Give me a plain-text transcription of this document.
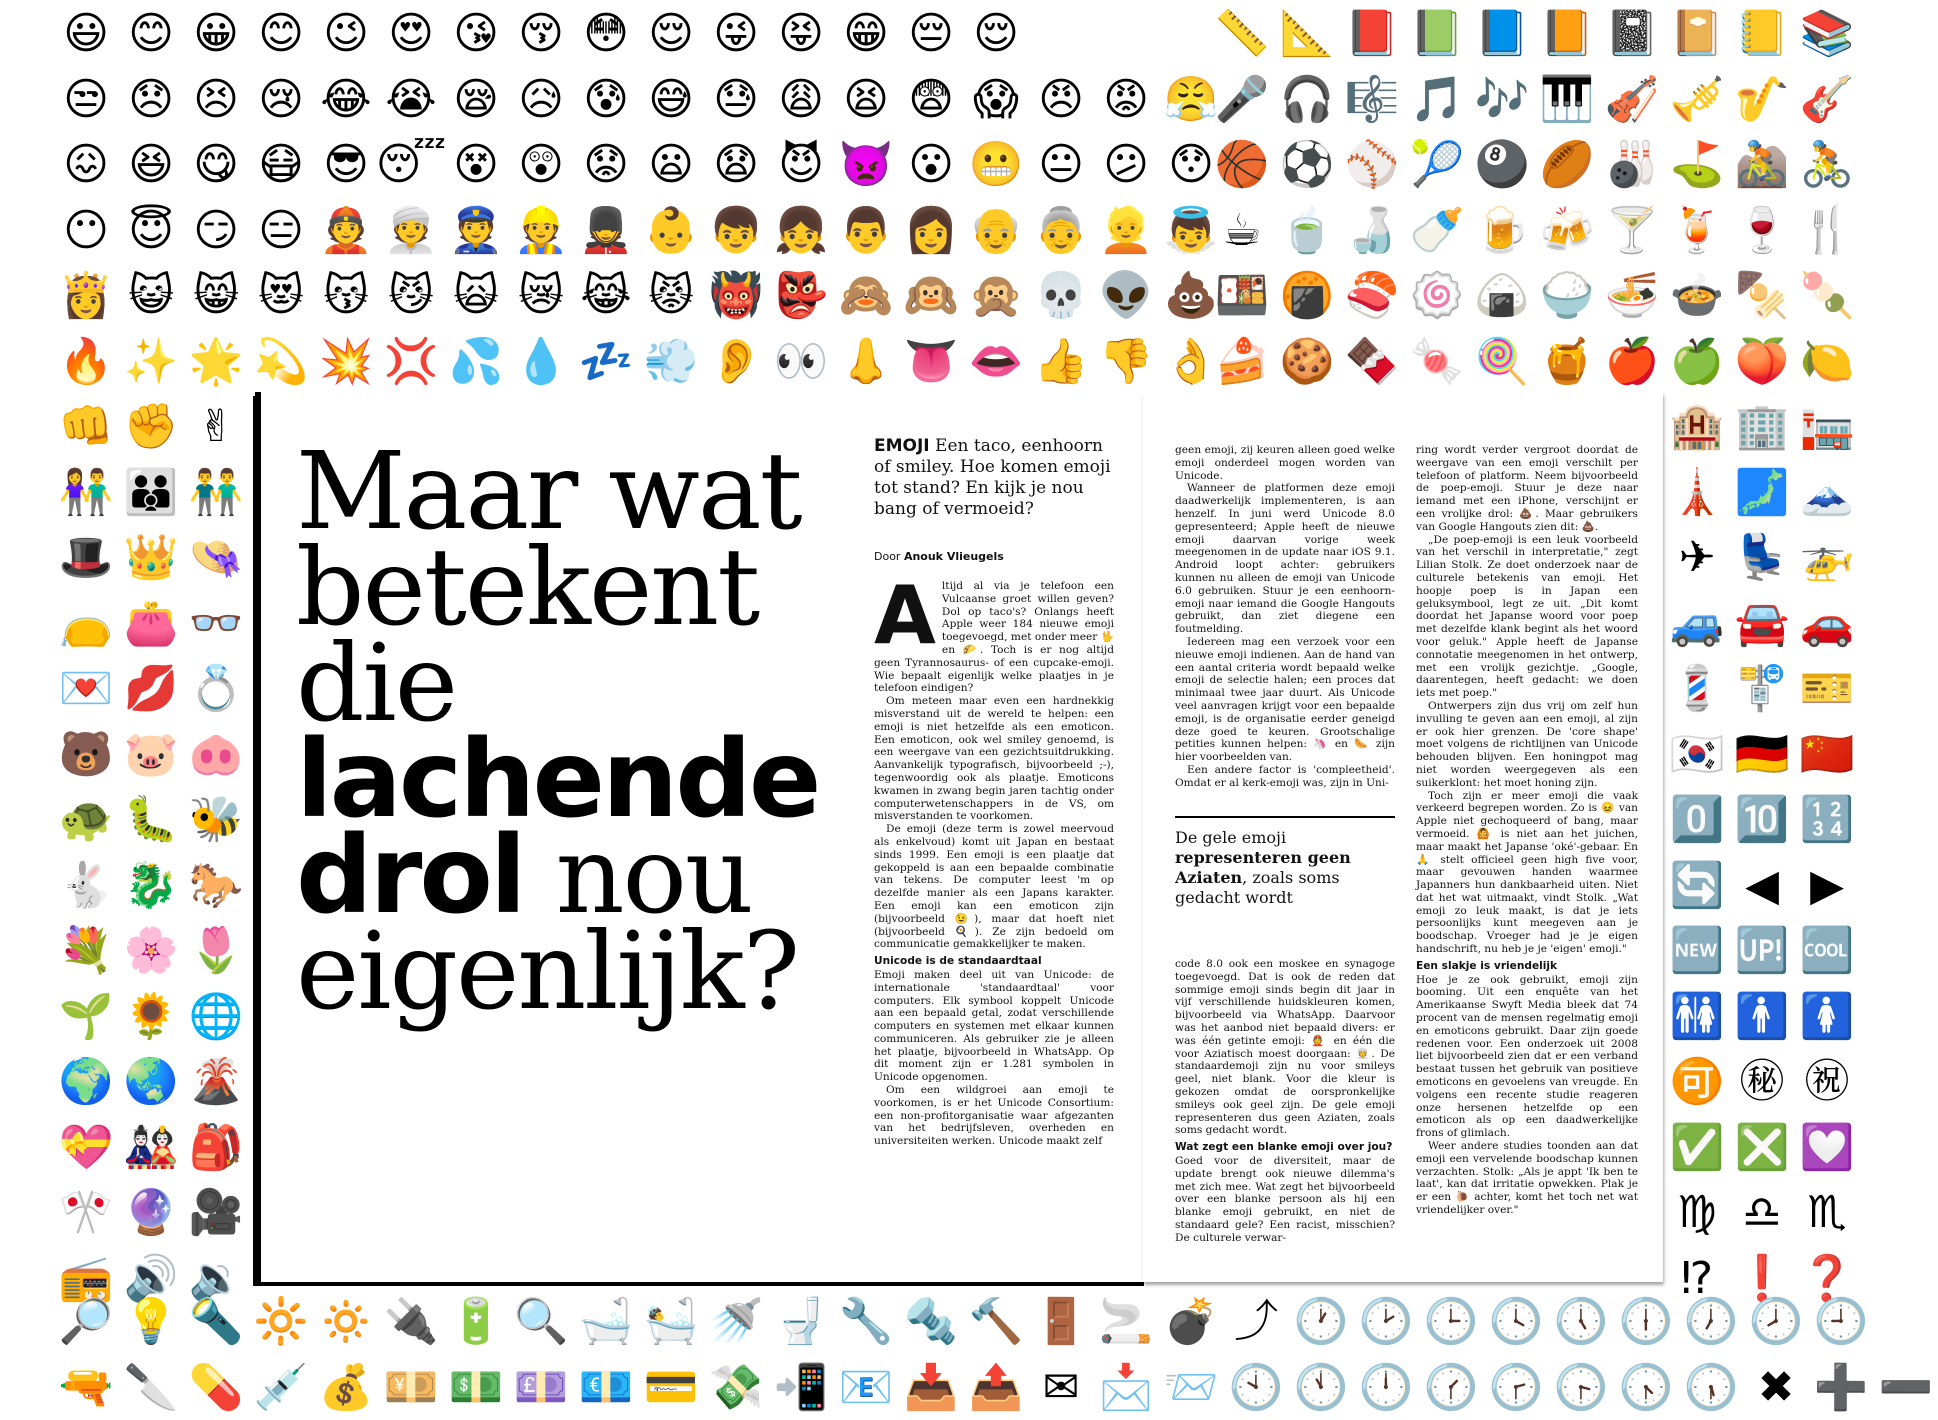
😃 😊 😀 😊 😉 😍 😘 😚 😳 😌 😜 😝 😁 😔 😌
😒 😞 😣 😢 😂 😭 😪 😥 😰 😅 😓 😩 😫 😨 😱 😠 😡 😤
😖 😆 😋 😷 😎 😴 😵 😲 😟 😦 😧 😈 👿 😮 😬 😐 😕 😯
😶 😇 😏 😑 👲 👳 👮 👷 💂 👶 👦 👧 👨 👩 👴 👵 👱 👼
👸 😺 😸 😻 😽 😼 🙀 😿 😹 😾 👹 👺 🙈 🙉 🙊 💀 👽 💩
🔥 ✨ 🌟 💫 💥 💢 💦 💧 💤 💨 👂 👀 👃 👅 👄 👍 👎 👌
📏 📐 📕 📗 📘 📙 📓 📔 📒 📚
🎤 🎧 🎼 🎵 🎶 🎹 🎻 🎺 🎷 🎸
🏀 ⚽ ⚾ 🎾 🎱 🏉 🎳 ⛳ 🚵 🚴
☕ 🍵 🍶 🍼 🍺 🍻 🍸 🍹 🍷 🍴
🍱 🍘 🍣 🍥 🍙 🍚 🍜 🍲 🍢 🍡
🍰 🍪 🍫 🍬 🍭 🍯 🍎 🍏 🍑 🍋
👊 ✊ ✌
👫 👪 👬
🎩 👑 👒
👝 👛 👓
💌 💋 💍
🐻 🐷 🐽
🐢 🐛 🐝
🐇 🐉 🐎
💐 🌸 🌷
🌱 🌻 🌐
🌍 🌏 🌋
💝 🎎 🎒
🎌 🔮 🎥
📻 🔊 🔉
🏨 🏢 🏣
🗼 🗾 🗻
✈ 💺 🚁
🚙 🚘 🚗
💈 🚏 🎫
🇰🇷 🇩🇪 🇨🇳
0️⃣ 🔟 🔢
🔄 ◀ ▶
🆕 🆙 🆒
🚻 🚹 🚺
🉑 ㊙ ㊗
✅ ❎ 💟
♍ ♎ ♏
⁉ ❗ ❓
🔎 💡 🔦 🔆 🔅 🔌 🔋 🔍 🛁 🛀 🚿 🚽 🔧 🔩 🔨 🚪 🚬 💣 ⤴ 🕐 🕑 🕒 🕓 🕔 🕕 🕖 🕗 🕘
🔫 🔪 💊 💉 💰 💴 💵 💷 💶 💳 💸 📲 📧 📥 📤 ✉ 📩 📨 🕙 🕚 🕛 🕜 🕝 🕞 🕟 🕠 ✖ ➕ ➖
Maar wat
betekent
die
lachende
drol nou
eigenlijk?
EMOJI Een taco, eenhoorn of smiley. Hoe komen emoji tot stand? En kijk je nou bang of vermoeid?
Door Anouk Vlieugels
A ltijd al via je telefoon een Vulcaanse groet willen geven? Dol op taco's? Onlangs heeft Apple weer 184 nieuwe emoji toegevoegd, met onder meer 🖖 en 🌮. Toch is er nog altijd geen Tyrannosaurus- of een cupcake-emoji. Wie bepaalt eigenlijk welke plaatjes in je telefoon eindigen?

Om meteen maar even een hardnekkig misverstand uit de wereld te helpen: een emoji is niet hetzelfde als een emoticon. Een emoticon, ook wel smiley genoemd, is een weergave van een gezichtsuitdrukking. Aanvankelijk typografisch, bijvoorbeeld ;-), tegenwoordig ook als plaatje. Emoticons kwamen in zwang begin jaren tachtig onder computerwetenschappers in de VS, om misverstanden te voorkomen.

De emoji (deze term is zowel meervoud als enkelvoud) komt uit Japan en bestaat sinds 1999. Een emoji is een plaatje dat gekoppeld is aan een bepaalde combinatie van tekens. De computer leest 'm op dezelfde manier als een Japans karakter. Een emoji kan een emoticon zijn (bijvoorbeeld 😉), maar dat hoeft niet (bijvoorbeeld 🍳). Ze zijn bedoeld om communicatie gemakkelijker te maken.

Unicode is de standaardtaal

Emoji maken deel uit van Unicode: de internationale 'standaardtaal' voor computers. Elk symbool koppelt Unicode aan een bepaald getal, zodat verschillende computers en systemen met elkaar kunnen communiceren. Als gebruiker zie je alleen het plaatje, bijvoorbeeld in WhatsApp. Op dit moment zijn er 1.281 symbolen in Unicode opgenomen.

Om een wildgroei aan emoji te voorkomen, is er het Unicode Consortium: een non-profitorganisatie waar afgezanten van het bedrijfsleven, overheden en universiteiten werken. Unicode maakt zelf

geen emoji, zij keuren alleen goed welke emoji onderdeel mogen worden van Unicode.

Wanneer de platformen deze emoji daadwerkelijk implementeren, is aan henzelf. In juni werd Unicode 8.0 gepresenteerd; Apple heeft de nieuwe emoji daarvan vorige week meegenomen in de update naar iOS 9.1. Android loopt achter: gebruikers kunnen nu alleen de emoji van Unicode 6.0 gebruiken. Stuur je een eenhoorn-emoji naar iemand die Google Hangouts gebruikt, dan ziet diegene een foutmelding.

Iedereen mag een verzoek voor een nieuwe emoji indienen. Aan de hand van een aantal criteria wordt bepaald welke emoji de selectie halen; een proces dat minimaal twee jaar duurt. Als Unicode veel aanvragen krijgt voor een bepaalde emoji, is de organisatie eerder geneigd deze goed te keuren. Grootschalige petities kunnen helpen: 🦄 en 🌭 zijn hier voorbeelden van.

Een andere factor is 'compleetheid'. Omdat er al kerk-emoji was, zijn in Uni-

De gele emoji representeren geen Aziaten, zoals soms gedacht wordt

code 8.0 ook een moskee en synagoge toegevoegd. Dat is ook de reden dat sommige emoji sinds begin dit jaar in vijf verschillende huidskleuren komen, bijvoorbeeld via WhatsApp. Daarvoor was het aanbod niet bepaald divers: er was één getinte emoji: 👲 en één die voor Aziatisch moest doorgaan: 👳. De standaardemoji zijn nu voor smileys geel, niet blank. Voor die kleur is gekozen omdat de oorspronkelijke smileys ook geel zijn. De gele emoji representeren dus geen Aziaten, zoals soms gedacht wordt.

Wat zegt een blanke emoji over jou?

Goed voor de diversiteit, maar de update brengt ook nieuwe dilemma's met zich mee. Wat zegt het bijvoorbeeld over een blanke persoon als hij een blanke emoji gebruikt, en niet de standaard gele? Een racist, misschien? De culturele verwar-

ring wordt verder vergroot doordat de weergave van een emoji verschilt per telefoon of platform. Neem bijvoorbeeld de poep-emoji. Stuur je deze naar iemand met een iPhone, verschijnt er een vrolijke drol: 💩. Maar gebruikers van Google Hangouts zien dit: 💩.

„De poep-emoji is een leuk voorbeeld van het verschil in interpretatie," zegt Lilian Stolk. Ze doet onderzoek naar de culturele betekenis van emoji. Het hoopje poep is in Japan een geluksymbool, legt ze uit. „Dit komt doordat het Japanse woord voor poep met dezelfde klank begint als het woord voor geluk." Apple heeft de Japanse connotatie meegenomen in het ontwerp, met een vrolijk gezichtje. „Google, daarentegen, heeft gedacht: we doen iets met poep."

Ontwerpers zijn dus vrij om zelf hun invulling te geven aan een emoji, al zijn er ook hier grenzen. De 'core shape' moet volgens de richtlijnen van Unicode behouden blijven. Een honingpot mag niet worden weergegeven als een suikerklont: het moet honing zijn.

Toch zijn er meer emoji die vaak verkeerd begrepen worden. Zo is 😖 van Apple niet gechoqueerd of bang, maar vermoeid. 🙆 is niet aan het juichen, maar maakt het Japanse 'oké'-gebaar. En 🙏 stelt officieel geen high five voor, maar gevouwen handen waarmee Japanners hun dankbaarheid uiten. Niet dat het wat uitmaakt, vindt Stolk. „Wat emoji zo leuk maakt, is dat je iets persoonlijks kunt meegeven aan je boodschap. Vroeger had je je eigen handschrift, nu heb je je 'eigen' emoji."

Een slakje is vriendelijk

Hoe je ze ook gebruikt, emoji zijn booming. Uit een enquête van het Amerikaanse Swyft Media bleek dat 74 procent van de mensen regelmatig emoji en emoticons gebruikt. Daar zijn goede redenen voor. Een onderzoek uit 2008 liet bijvoorbeeld zien dat er een verband bestaat tussen het gebruik van positieve emoticons en gevoelens van vreugde. En volgens een recente studie reageren onze hersenen hetzelfde op een emoticon als op een daadwerkelijke frons of glimlach.

Weer andere studies toonden aan dat emoji een vervelende boodschap kunnen verzachten. Stolk: „Als je appt 'Ik ben te laat', kan dat irritatie opwekken. Plak je er een 🐌 achter, komt het toch net wat vriendelijker over."
